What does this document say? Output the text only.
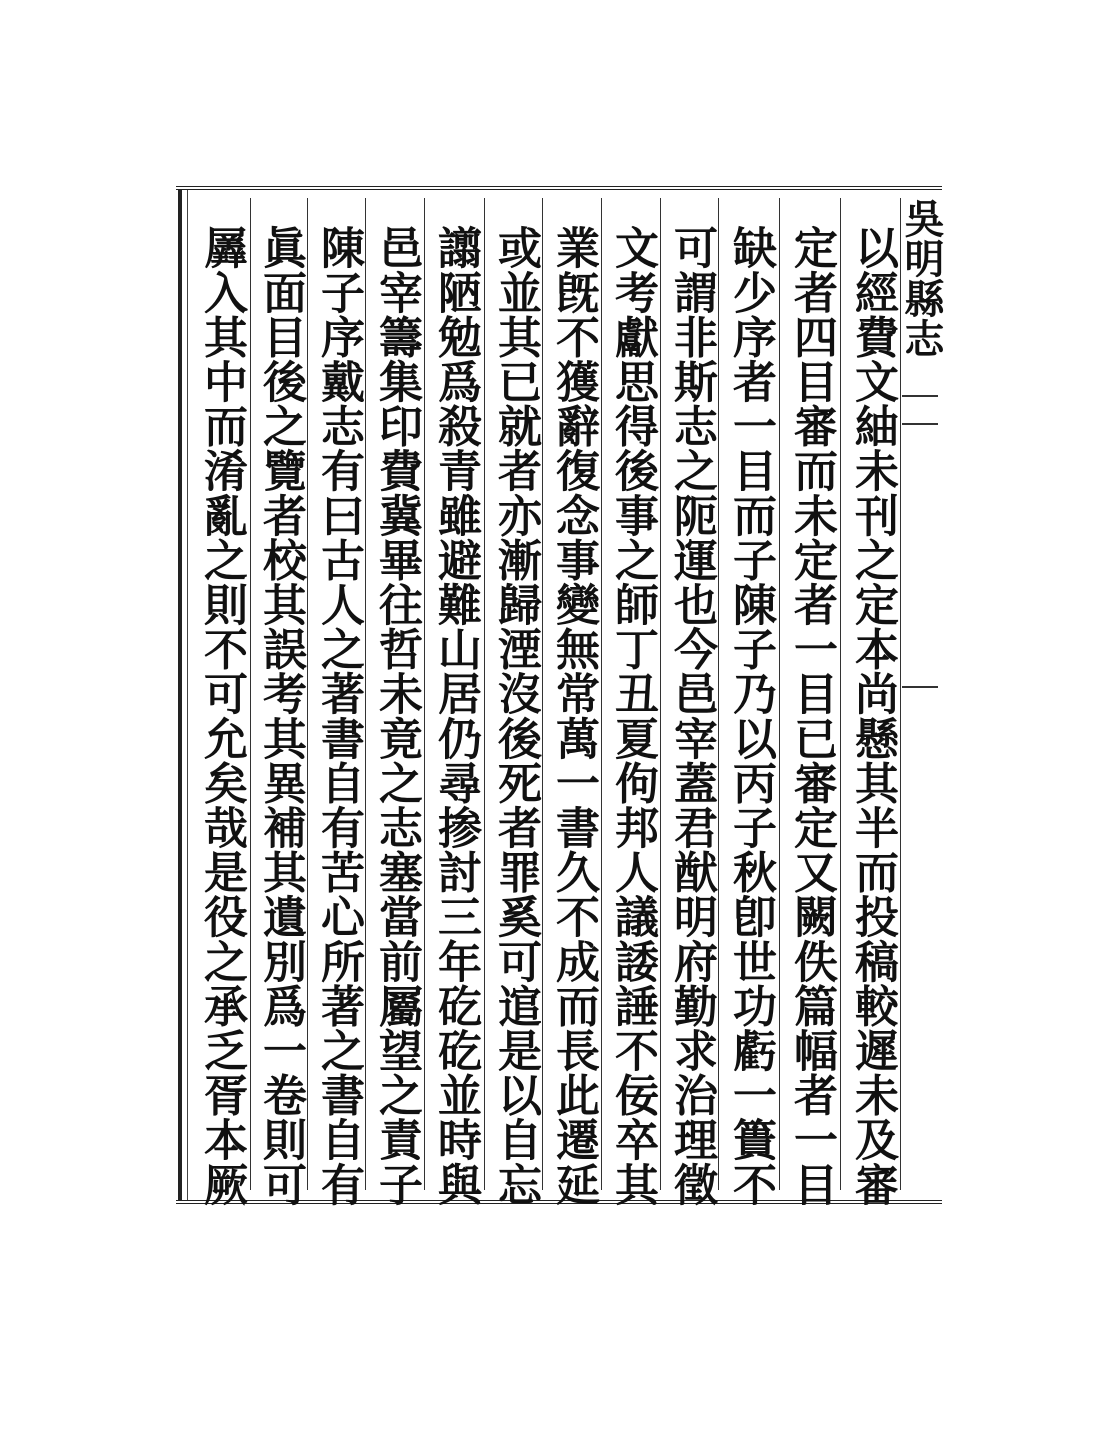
吳明縣志
以經費文紬未刊之定本尚懸其半而投稿較遲未及審
定者四目審而未定者一目已審定又闕佚篇幅者一目
缺少序者一目而子陳子乃以丙子秋卽世功虧一簣不
可謂非斯志之阨運也今邑宰蓋君猷明府勤求治理徵
文考獻思得後事之師丁丑夏佝邦人議諉諈不佞卒其
業旣不獲辭復念事變無常萬一書久不成而長此遷延
或並其已就者亦漸歸湮沒後死者罪奚可逭是以自忘
譾陋勉爲殺青雖避難山居仍尋掺討三年矻矻並時與
邑宰籌集印費冀畢往哲未竟之志塞當前屬望之責子
陳子序戴志有曰古人之著書自有苦心所著之書自有
眞面目後之覽者校其誤考其異補其遺別爲一卷則可
羼入其中而淆亂之則不可允矣哉是役之承乏胥本厥
